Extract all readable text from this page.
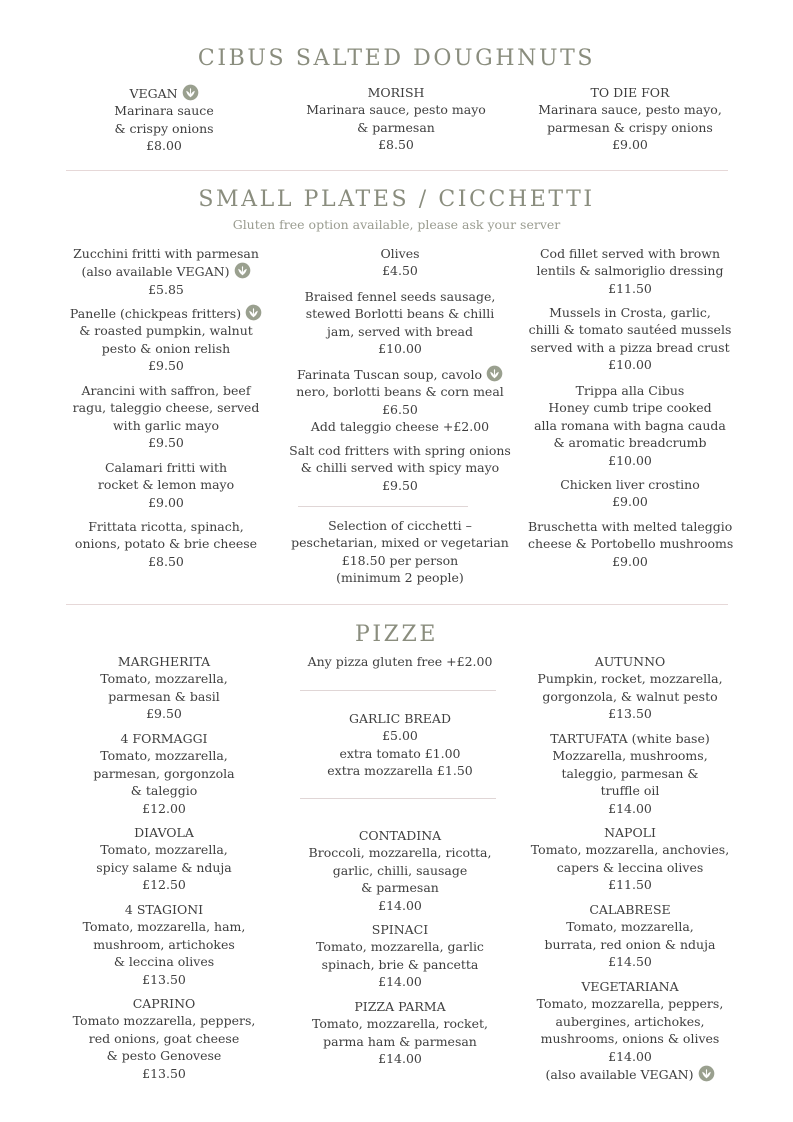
CIBUS SALTED DOUGHNUTS
VEGAN
Marinara sauce
& crispy onions
£8.00
MORISH
Marinara sauce, pesto mayo
& parmesan
£8.50
TO DIE FOR
Marinara sauce, pesto mayo,
parmesan & crispy onions
£9.00
SMALL PLATES / CICCHETTI
Gluten free option available, please ask your server
Zucchini fritti with parmesan
(also available VEGAN)
£5.85
Panelle (chickpeas fritters)
& roasted pumpkin, walnut
pesto & onion relish
£9.50
Arancini with saffron, beef
ragu, taleggio cheese, served
with garlic mayo
£9.50
Calamari fritti with
rocket & lemon mayo
£9.00
Frittata ricotta, spinach,
onions, potato & brie cheese
£8.50
Olives
£4.50
Braised fennel seeds sausage,
stewed Borlotti beans & chilli
jam, served with bread
£10.00
Farinata Tuscan soup, cavolo
nero, borlotti beans & corn meal
£6.50
Add taleggio cheese +£2.00
Salt cod fritters with spring onions
& chilli served with spicy mayo
£9.50
Selection of cicchetti –
peschetarian, mixed or vegetarian
£18.50 per person
(minimum 2 people)
Cod fillet served with brown
lentils & salmoriglio dressing
£11.50
Mussels in Crosta, garlic,
chilli & tomato sautéed mussels
served with a pizza bread crust
£10.00
Trippa alla Cibus
Honey cumb tripe cooked
alla romana with bagna cauda
& aromatic breadcrumb
£10.00
Chicken liver crostino
£9.00
Bruschetta with melted taleggio
cheese & Portobello mushrooms
£9.00
PIZZE
MARGHERITA
Tomato, mozzarella,
parmesan & basil
£9.50
4 FORMAGGI
Tomato, mozzarella,
parmesan, gorgonzola
& taleggio
£12.00
DIAVOLA
Tomato, mozzarella,
spicy salame & nduja
£12.50
4 STAGIONI
Tomato, mozzarella, ham,
mushroom, artichokes
& leccina olives
£13.50
CAPRINO
Tomato mozzarella, peppers,
red onions, goat cheese
& pesto Genovese
£13.50
Any pizza gluten free +£2.00
GARLIC BREAD
£5.00
extra tomato £1.00
extra mozzarella £1.50
CONTADINA
Broccoli, mozzarella, ricotta,
garlic, chilli, sausage
& parmesan
£14.00
SPINACI
Tomato, mozzarella, garlic
spinach, brie & pancetta
£14.00
PIZZA PARMA
Tomato, mozzarella, rocket,
parma ham & parmesan
£14.00
AUTUNNO
Pumpkin, rocket, mozzarella,
gorgonzola, & walnut pesto
£13.50
TARTUFATA (white base)
Mozzarella, mushrooms,
taleggio, parmesan &
truffle oil
£14.00
NAPOLI
Tomato, mozzarella, anchovies,
capers & leccina olives
£11.50
CALABRESE
Tomato, mozzarella,
burrata, red onion & nduja
£14.50
VEGETARIANA
Tomato, mozzarella, peppers,
aubergines, artichokes,
mushrooms, onions & olives
£14.00
(also available VEGAN)
